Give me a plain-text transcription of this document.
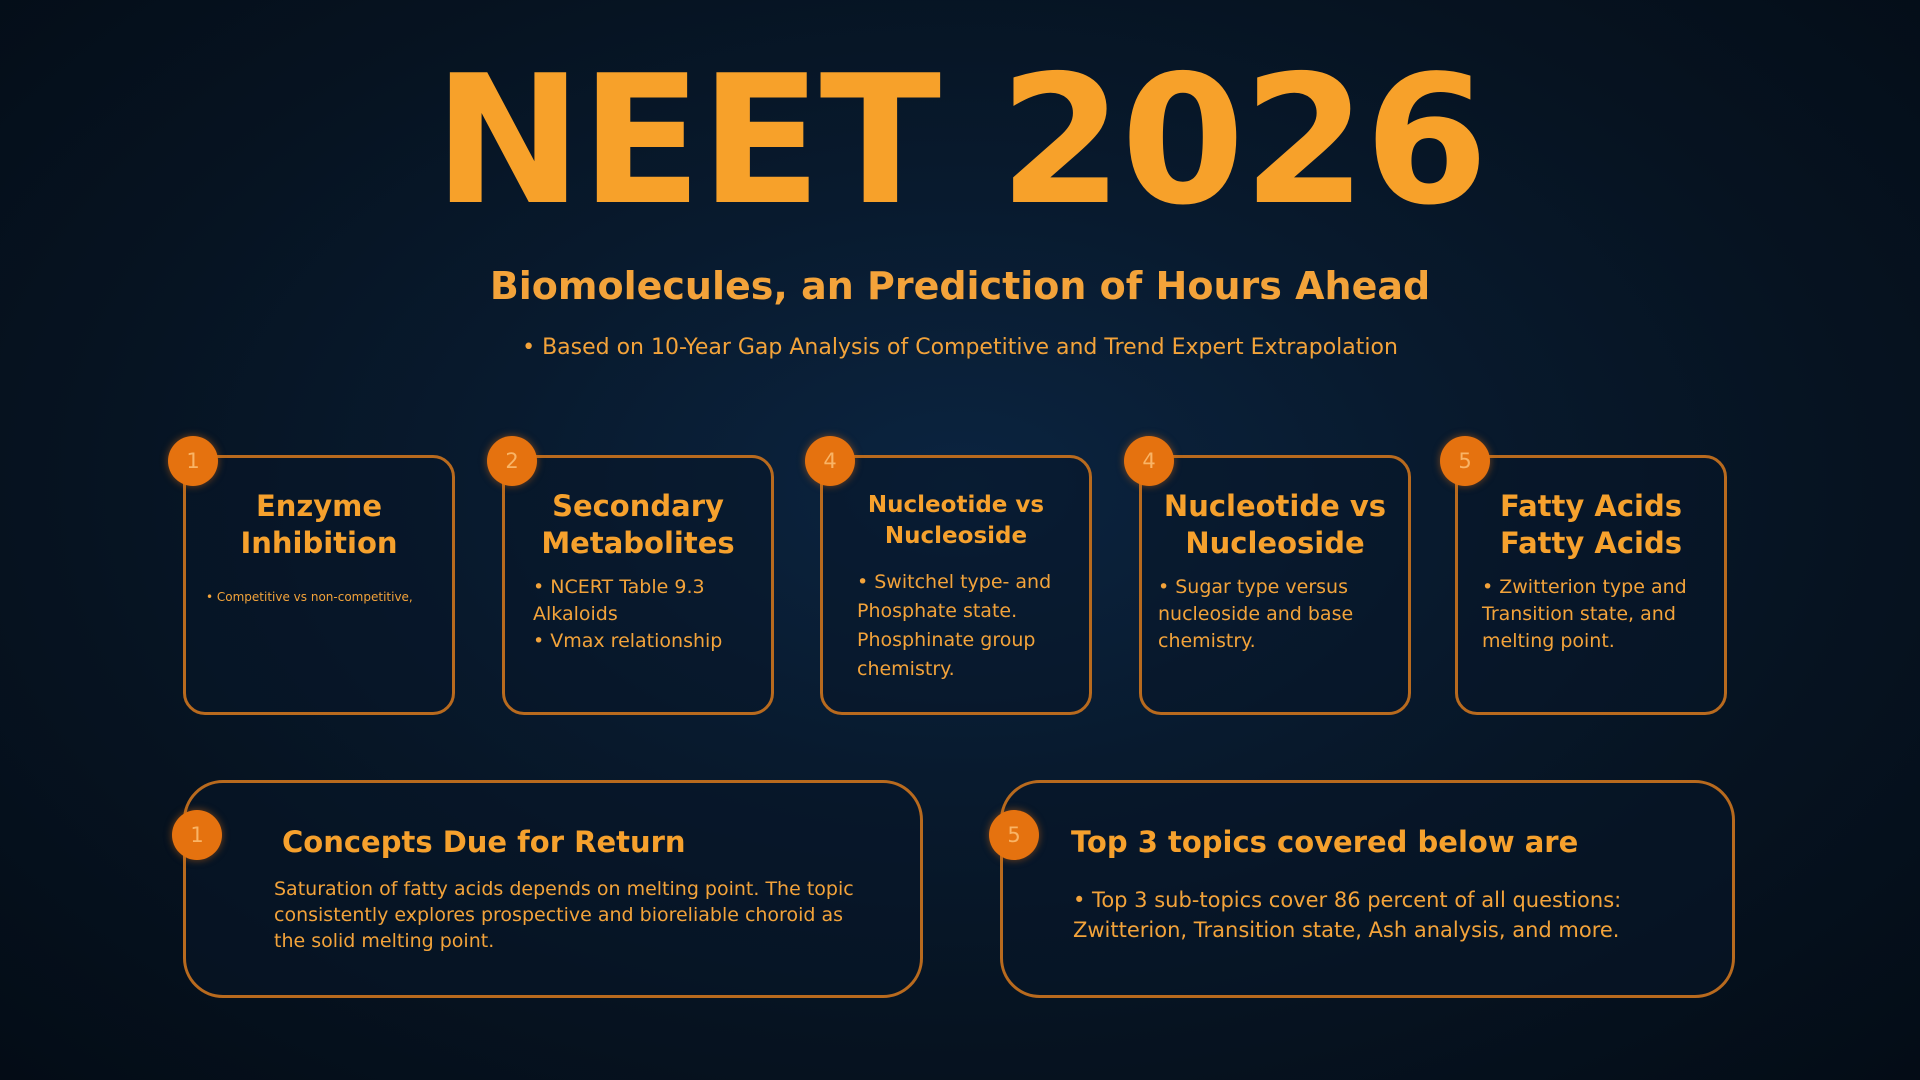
NEET 2026
Biomolecules, an Prediction of Hours Ahead
• Based on 10-Year Gap Analysis of Competitive and Trend Expert Extrapolation
1
Enzyme
Inhibition
• Competitive vs non-competitive,
2
Secondary
Metabolites
• NCERT Table 9.3 Alkaloids
• Vmax relationship
4
Nucleotide vs
Nucleoside
• Switchel type- and Phosphate state. Phosphinate group chemistry.
4
Nucleotide vs
Nucleoside
• Sugar type versus nucleoside and base chemistry.
5
Fatty Acids
Fatty Acids
• Zwitterion type and Transition state, and melting point.
1	Concepts Due for Return
Saturation of fatty acids depends on melting point. The topic consistently explores prospective and bioreliable choroid as the solid melting point.
5	Top 3 topics covered below are
• Top 3 sub-topics cover 86 percent of all questions: Zwitterion, Transition state, Ash analysis, and more.
